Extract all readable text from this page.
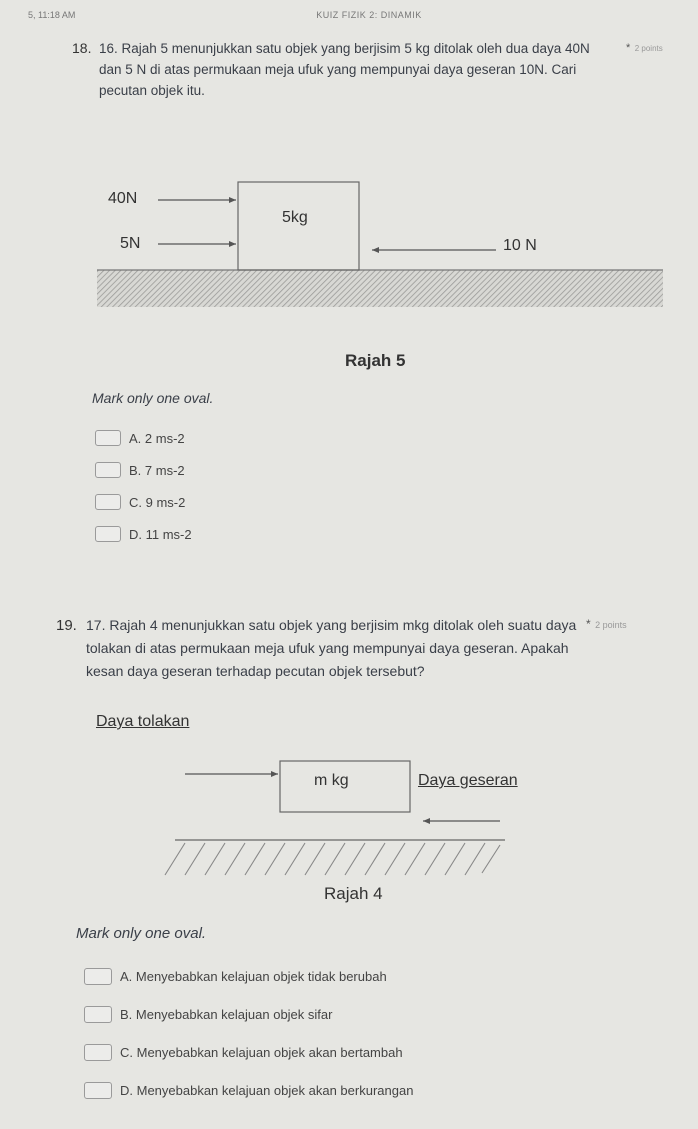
5, 11:18 AM	KUIZ FIZIK 2: DINAMIK
18. 16. Rajah 5 menunjukkan satu objek yang berjisim 5 kg ditolak oleh dua daya 40N dan 5 N di atas permukaan meja ufuk yang mempunyai daya geseran 10N. Cari pecutan objek itu.
* 2 points
40N
5N
5kg
10 N
Rajah 5
Mark only one oval.
A. 2 ms-2
B. 7 ms-2
C. 9 ms-2
D. 11 ms-2
19. 17. Rajah 4 menunjukkan satu objek yang berjisim mkg ditolak oleh suatu daya tolakan di atas permukaan meja ufuk yang mempunyai daya geseran. Apakah kesan daya geseran terhadap pecutan objek tersebut?
* 2 points
Daya tolakan
m kg	Daya geseran
Rajah 4
Mark only one oval.
A. Menyebabkan kelajuan objek tidak berubah
B. Menyebabkan kelajuan objek sifar
C. Menyebabkan kelajuan objek akan bertambah
D. Menyebabkan kelajuan objek akan berkurangan
